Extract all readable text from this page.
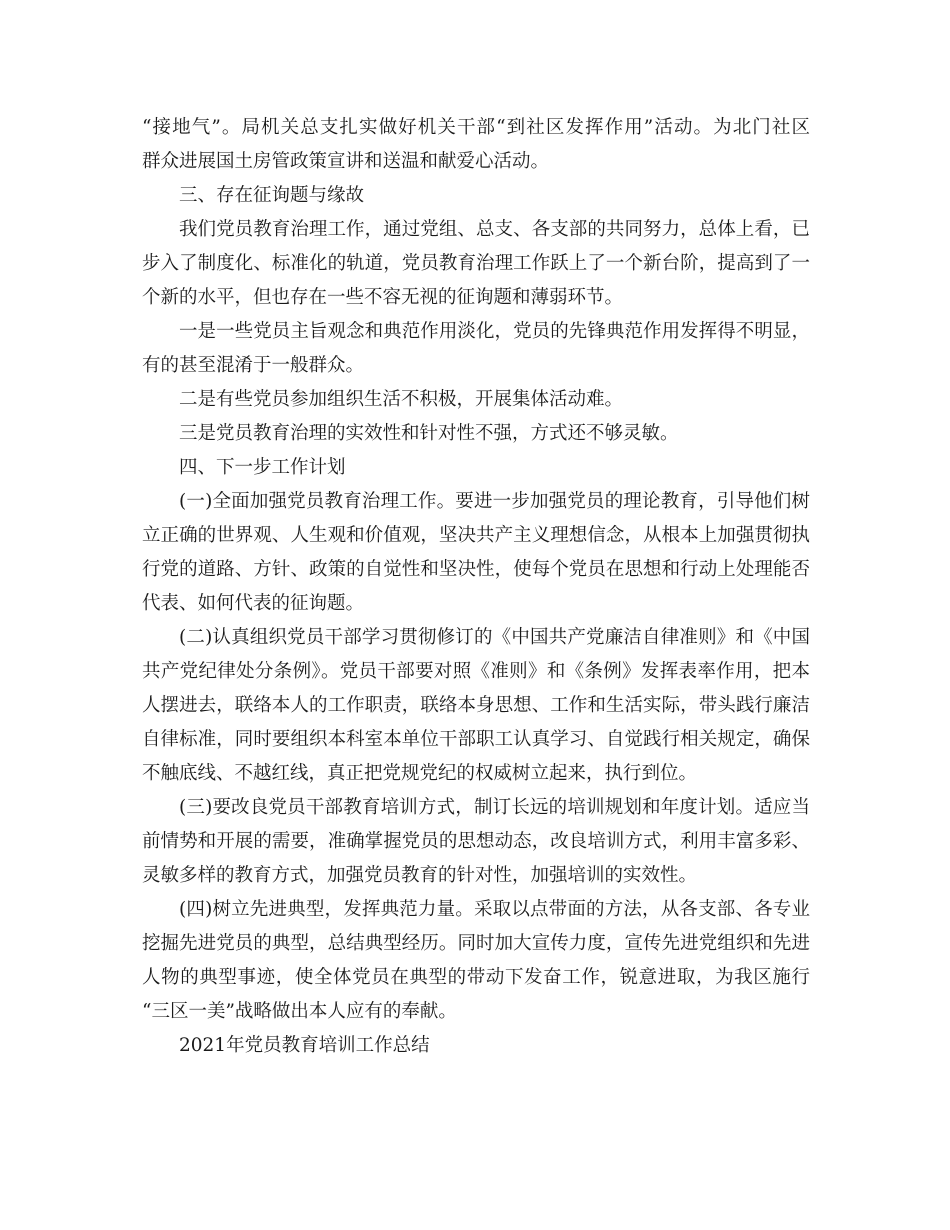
“接地气”。局机关总支扎实做好机关干部“到社区发挥作用”活动。为北门社区
群众进展国土房管政策宣讲和送温和献爱心活动。
三、存在征询题与缘故
我们党员教育治理工作，通过党组、总支、各支部的共同努力，总体上看，已
步入了制度化、标准化的轨道，党员教育治理工作跃上了一个新台阶，提高到了一
个新的水平，但也存在一些不容无视的征询题和薄弱环节。
一是一些党员主旨观念和典范作用淡化，党员的先锋典范作用发挥得不明显，
有的甚至混淆于一般群众。
二是有些党员参加组织生活不积极，开展集体活动难。
三是党员教育治理的实效性和针对性不强，方式还不够灵敏。
四、下一步工作计划
(一)全面加强党员教育治理工作。要进一步加强党员的理论教育，引导他们树
立正确的世界观、人生观和价值观，坚决共产主义理想信念，从根本上加强贯彻执
行党的道路、方针、政策的自觉性和坚决性，使每个党员在思想和行动上处理能否
代表、如何代表的征询题。
(二)认真组织党员干部学习贯彻修订的《中国共产党廉洁自律准则》和《中国
共产党纪律处分条例》。党员干部要对照《准则》和《条例》发挥表率作用，把本
人摆进去，联络本人的工作职责，联络本身思想、工作和生活实际，带头践行廉洁
自律标准，同时要组织本科室本单位干部职工认真学习、自觉践行相关规定，确保
不触底线、不越红线，真正把党规党纪的权威树立起来，执行到位。
(三)要改良党员干部教育培训方式，制订长远的培训规划和年度计划。适应当
前情势和开展的需要，准确掌握党员的思想动态，改良培训方式，利用丰富多彩、
灵敏多样的教育方式，加强党员教育的针对性，加强培训的实效性。
(四)树立先进典型，发挥典范力量。采取以点带面的方法，从各支部、各专业
挖掘先进党员的典型，总结典型经历。同时加大宣传力度，宣传先进党组织和先进
人物的典型事迹，使全体党员在典型的带动下发奋工作，锐意进取，为我区施行
“三区一美”战略做出本人应有的奉献。
2021年党员教育培训工作总结
